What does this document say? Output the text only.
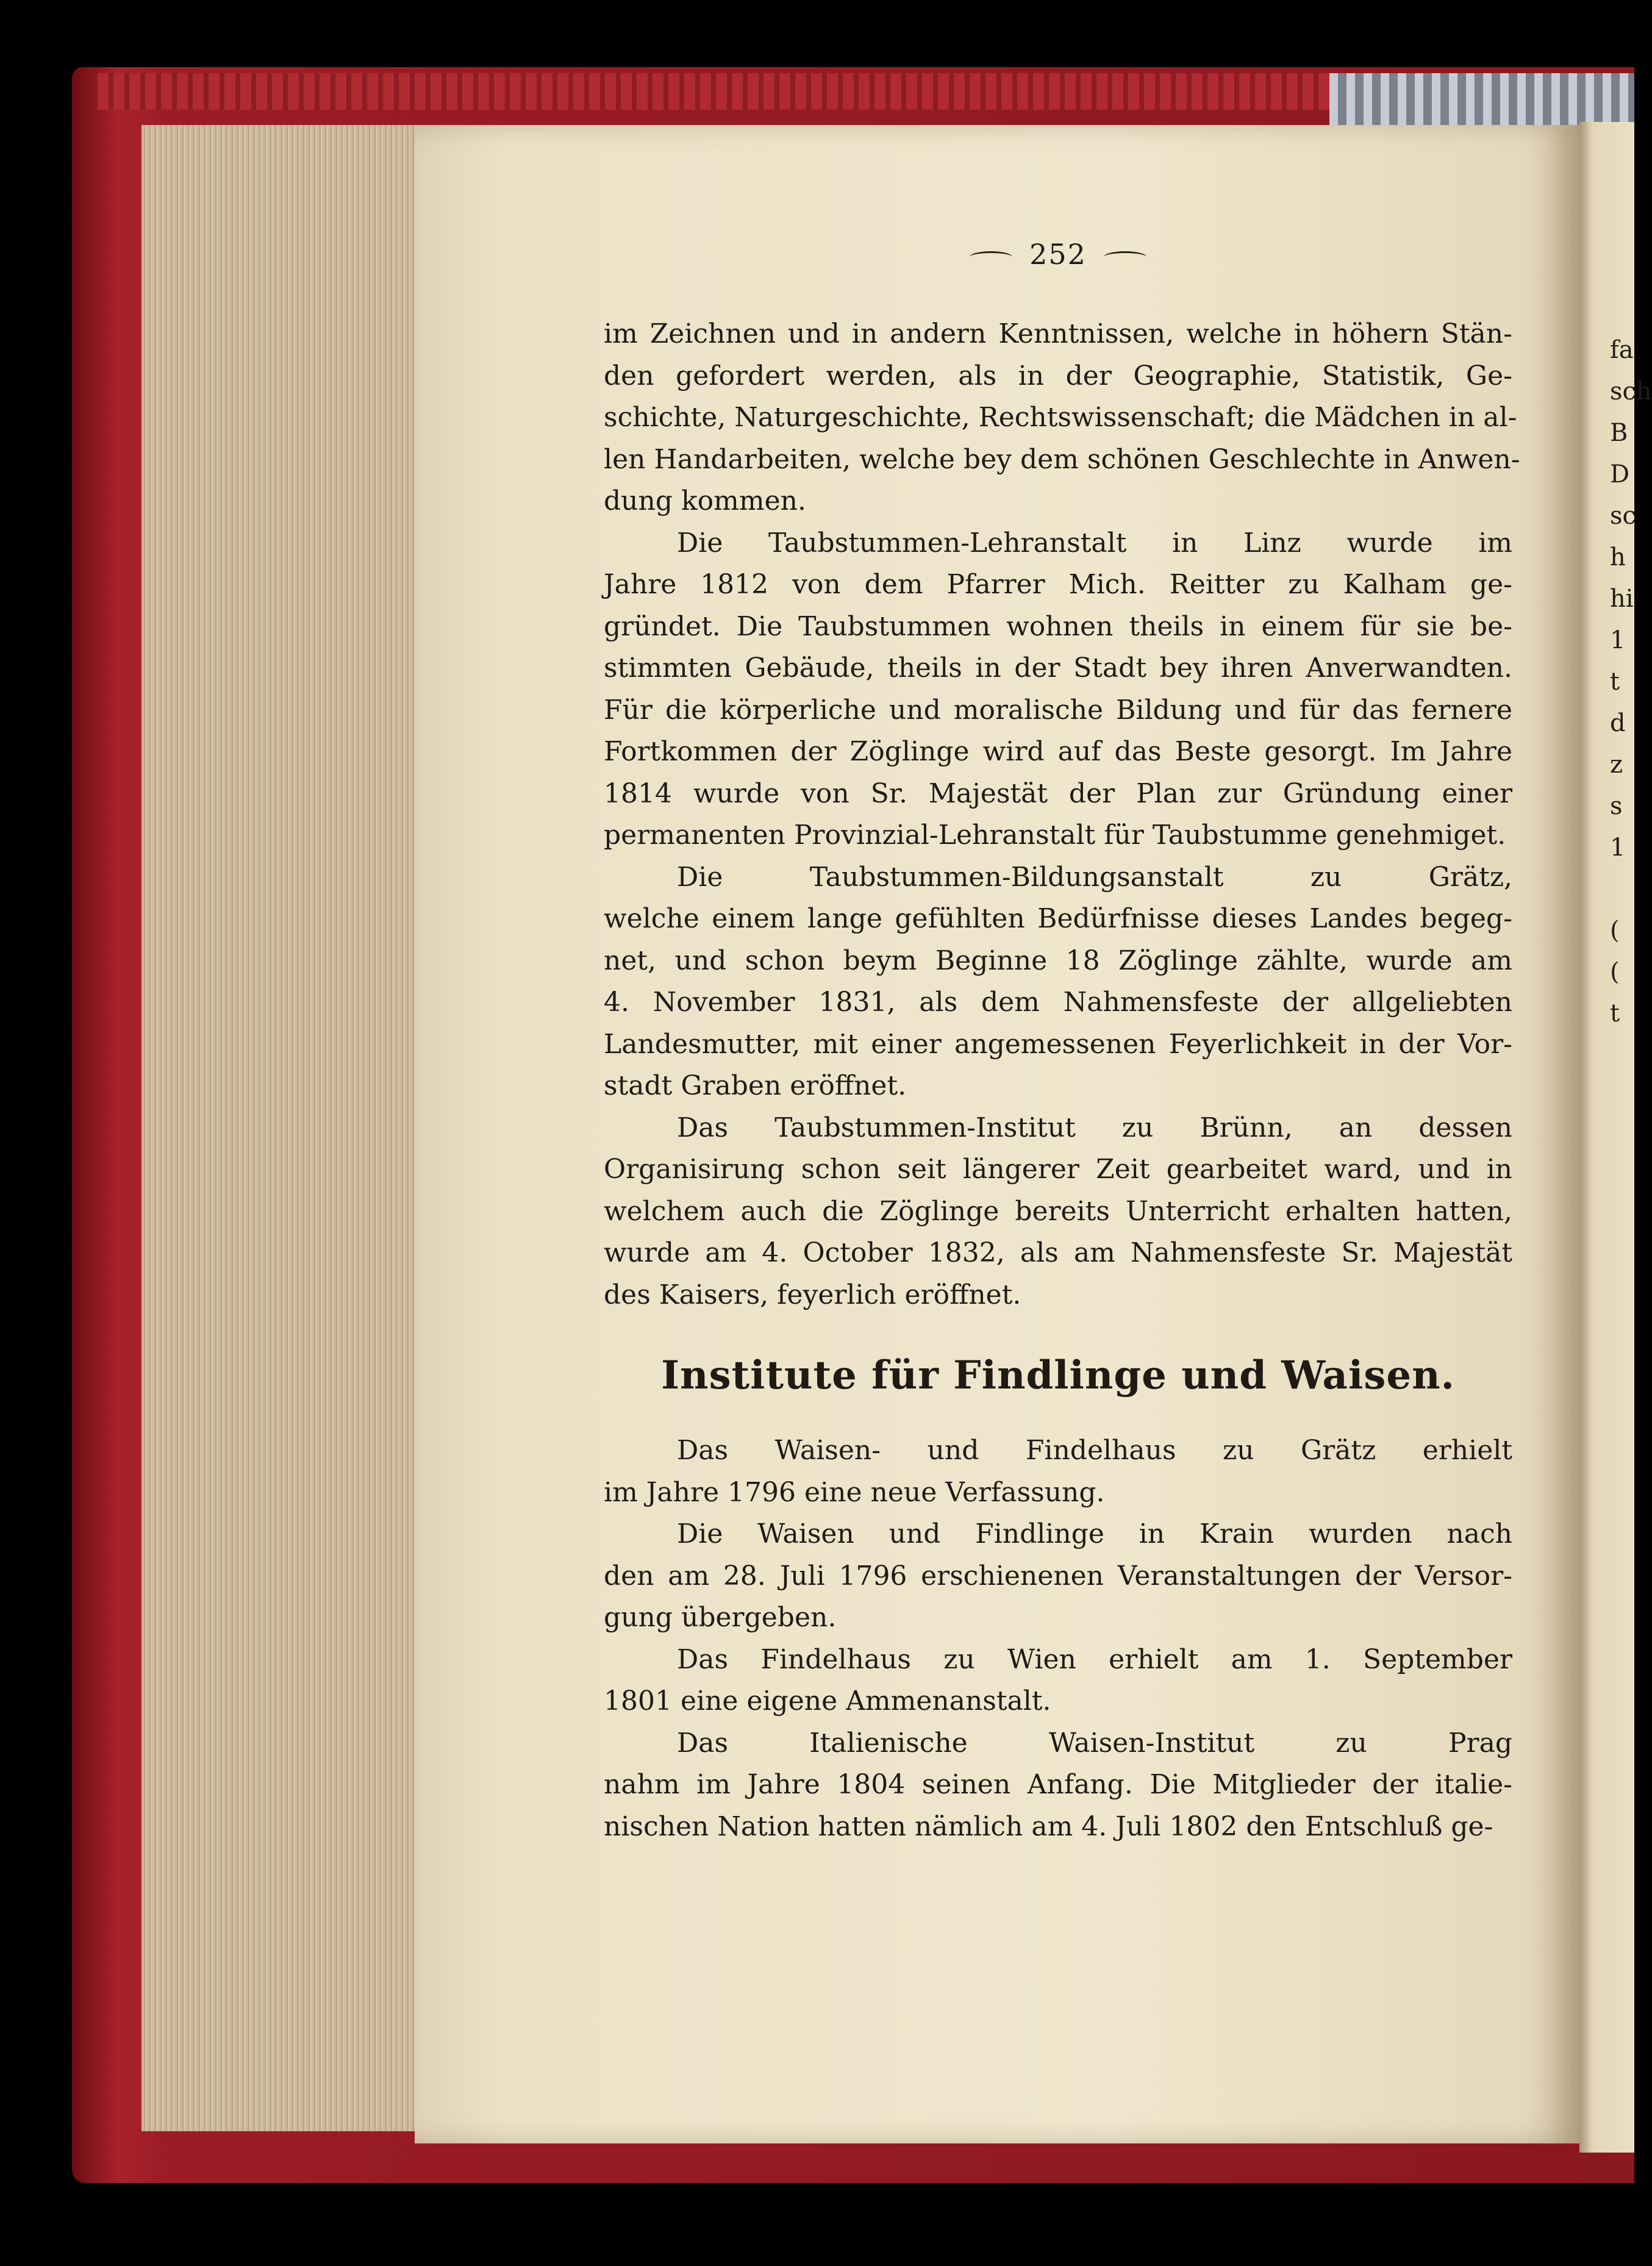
252
im Zeichnen und in andern Kenntnissen, welche in höhern Stän-
den gefordert werden, als in der Geographie, Statistik, Ge-
schichte, Naturgeschichte, Rechtswissenschaft; die Mädchen in al-
len Handarbeiten, welche bey dem schönen Geschlechte in Anwen-
dung kommen.
Die Taubstummen-Lehranstalt in Linz wurde im
Jahre 1812 von dem Pfarrer Mich. Reitter zu Kalham ge-
gründet. Die Taubstummen wohnen theils in einem für sie be-
stimmten Gebäude, theils in der Stadt bey ihren Anverwandten.
Für die körperliche und moralische Bildung und für das fernere
Fortkommen der Zöglinge wird auf das Beste gesorgt. Im Jahre
1814 wurde von Sr. Majestät der Plan zur Gründung einer
permanenten Provinzial-Lehranstalt für Taubstumme genehmiget.
Die Taubstummen-Bildungsanstalt zu Grätz,
welche einem lange gefühlten Bedürfnisse dieses Landes begeg-
net, und schon beym Beginne 18 Zöglinge zählte, wurde am
4. November 1831, als dem Nahmensfeste der allgeliebten
Landesmutter, mit einer angemessenen Feyerlichkeit in der Vor-
stadt Graben eröffnet.
Das Taubstummen-Institut zu Brünn, an dessen
Organisirung schon seit längerer Zeit gearbeitet ward, und in
welchem auch die Zöglinge bereits Unterricht erhalten hatten,
wurde am 4. October 1832, als am Nahmensfeste Sr. Majestät
des Kaisers, feyerlich eröffnet.
Institute für Findlinge und Waisen.
Das Waisen- und Findelhaus zu Grätz erhielt
im Jahre 1796 eine neue Verfassung.
Die Waisen und Findlinge in Krain wurden nach
den am 28. Juli 1796 erschienenen Veranstaltungen der Versor-
gung übergeben.
Das Findelhaus zu Wien erhielt am 1. September
1801 eine eigene Ammenanstalt.
Das Italienische Waisen-Institut zu Prag
nahm im Jahre 1804 seinen Anfang. Die Mitglieder der italie-
nischen Nation hatten nämlich am 4. Juli 1802 den Entschluß ge-
fa
sch
B
D
sc
h
hi
1
t
d
z
s
1
(
(
t
